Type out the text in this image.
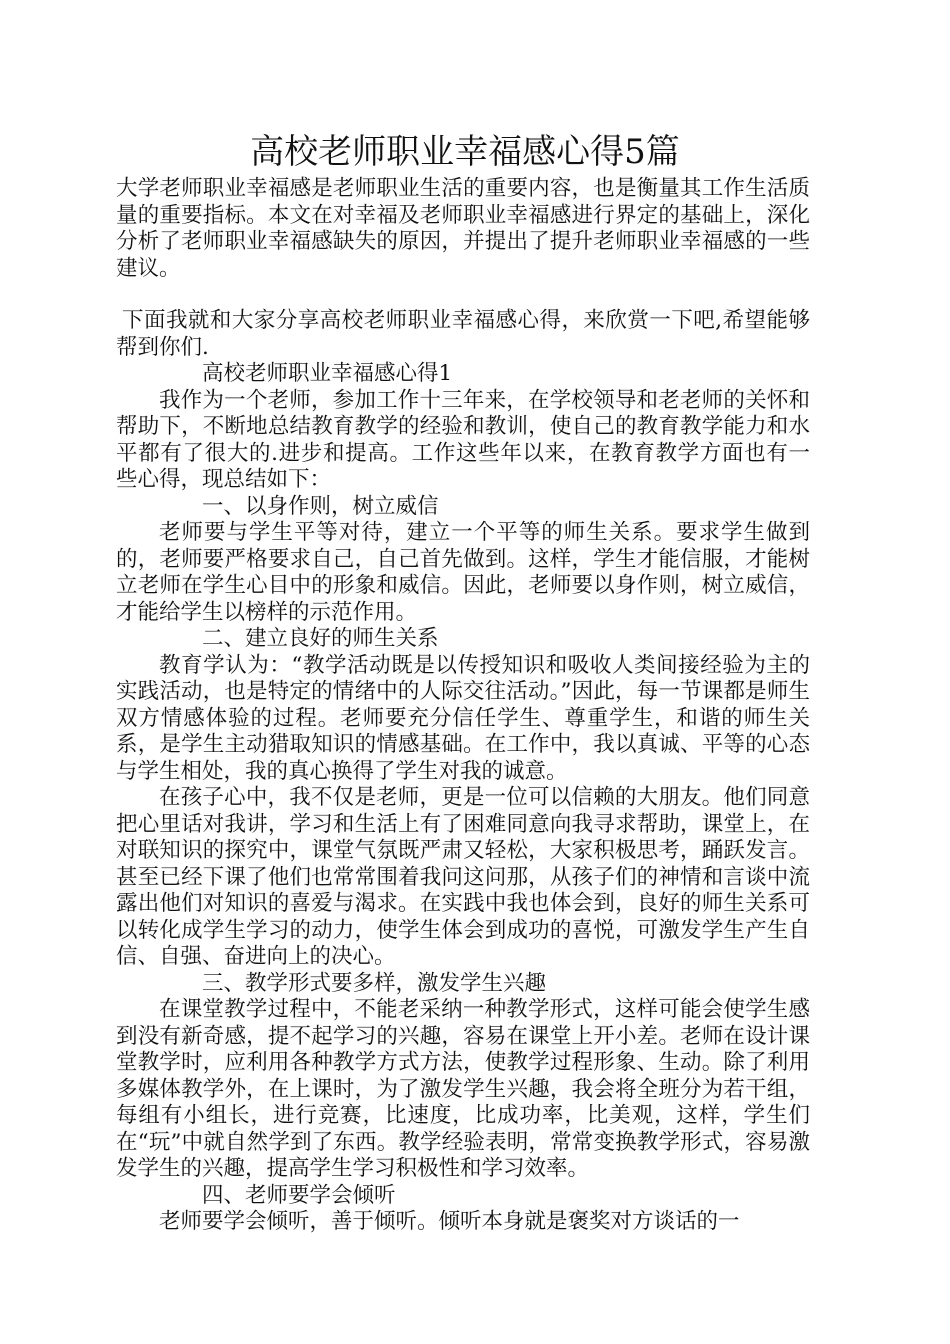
高校老师职业幸福感心得5篇

大学老师职业幸福感是老师职业生活的重要内容，也是衡量其工作生活质量的重要指标。本文在对幸福及老师职业幸福感进行界定的基础上，深化分析了老师职业幸福感缺失的原因，并提出了提升老师职业幸福感的一些建议。

下面我就和大家分享高校老师职业幸福感心得，来欣赏一下吧,希望能够帮到你们.

高校老师职业幸福感心得1

我作为一个老师，参加工作十三年来，在学校领导和老老师的关怀和帮助下，不断地总结教育教学的经验和教训，使自己的教育教学能力和水平都有了很大的.进步和提高。工作这些年以来，在教育教学方面也有一些心得，现总结如下：

一、以身作则，树立威信

老师要与学生平等对待，建立一个平等的师生关系。要求学生做到的，老师要严格要求自己，自己首先做到。这样，学生才能信服，才能树立老师在学生心目中的形象和威信。因此，老师要以身作则，树立威信，才能给学生以榜样的示范作用。

二、建立良好的师生关系

教育学认为：“教学活动既是以传授知识和吸收人类间接经验为主的实践活动，也是特定的情绪中的人际交往活动。”因此，每一节课都是师生双方情感体验的过程。老师要充分信任学生、尊重学生，和谐的师生关系，是学生主动猎取知识的情感基础。在工作中，我以真诚、平等的心态与学生相处，我的真心换得了学生对我的诚意。

在孩子心中，我不仅是老师，更是一位可以信赖的大朋友。他们同意把心里话对我讲，学习和生活上有了困难同意向我寻求帮助，课堂上，在对联知识的探究中，课堂气氛既严肃又轻松，大家积极思考，踊跃发言。甚至已经下课了他们也常常围着我问这问那，从孩子们的神情和言谈中流露出他们对知识的喜爱与渴求。在实践中我也体会到，良好的师生关系可以转化成学生学习的动力，使学生体会到成功的喜悦，可激发学生产生自信、自强、奋进向上的决心。

三、教学形式要多样，激发学生兴趣

在课堂教学过程中，不能老采纳一种教学形式，这样可能会使学生感到没有新奇感，提不起学习的兴趣，容易在课堂上开小差。老师在设计课堂教学时，应利用各种教学方式方法，使教学过程形象、生动。除了利用多媒体教学外，在上课时，为了激发学生兴趣，我会将全班分为若干组，每组有小组长，进行竞赛，比速度，比成功率，比美观，这样，学生们在“玩”中就自然学到了东西。教学经验表明，常常变换教学形式，容易激发学生的兴趣，提高学生学习积极性和学习效率。

四、老师要学会倾听

老师要学会倾听，善于倾听。倾听本身就是褒奖对方谈话的一
